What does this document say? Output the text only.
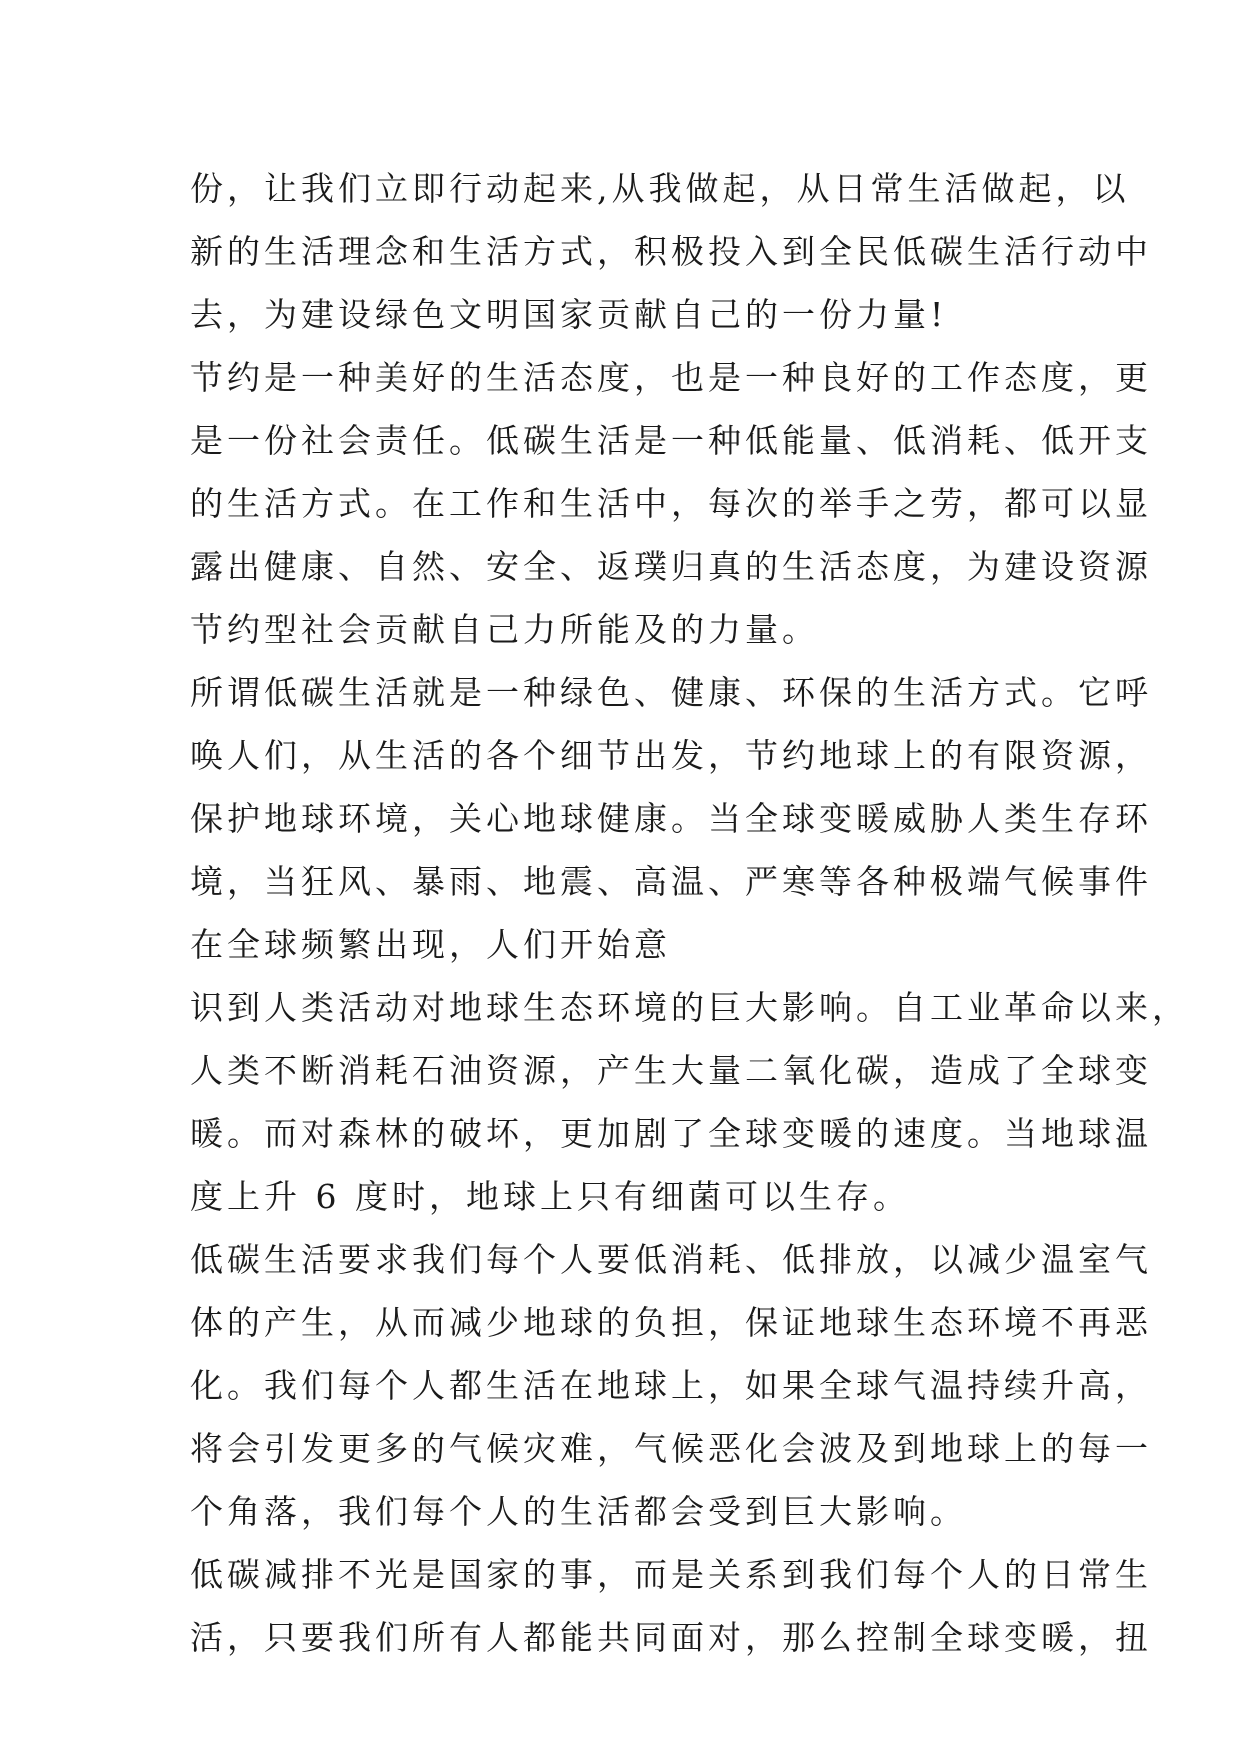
份，让我们立即行动起来,从我做起，从日常生活做起，以
新的生活理念和生活方式，积极投入到全民低碳生活行动中
去，为建设绿色文明国家贡献自己的一份力量!
节约是一种美好的生活态度，也是一种良好的工作态度，更
是一份社会责任。低碳生活是一种低能量、低消耗、低开支
的生活方式。在工作和生活中，每次的举手之劳，都可以显
露出健康、自然、安全、返璞归真的生活态度，为建设资源
节约型社会贡献自己力所能及的力量。
所谓低碳生活就是一种绿色、健康、环保的生活方式。它呼
唤人们，从生活的各个细节出发，节约地球上的有限资源，
保护地球环境，关心地球健康。当全球变暖威胁人类生存环
境，当狂风、暴雨、地震、高温、严寒等各种极端气候事件
在全球频繁出现，人们开始意
识到人类活动对地球生态环境的巨大影响。自工业革命以来，
人类不断消耗石油资源，产生大量二氧化碳，造成了全球变
暖。而对森林的破坏，更加剧了全球变暖的速度。当地球温
度上升 6 度时，地球上只有细菌可以生存。
低碳生活要求我们每个人要低消耗、低排放，以减少温室气
体的产生，从而减少地球的负担，保证地球生态环境不再恶
化。我们每个人都生活在地球上，如果全球气温持续升高，
将会引发更多的气候灾难，气候恶化会波及到地球上的每一
个角落，我们每个人的生活都会受到巨大影响。
低碳减排不光是国家的事，而是关系到我们每个人的日常生
活，只要我们所有人都能共同面对，那么控制全球变暖，扭
